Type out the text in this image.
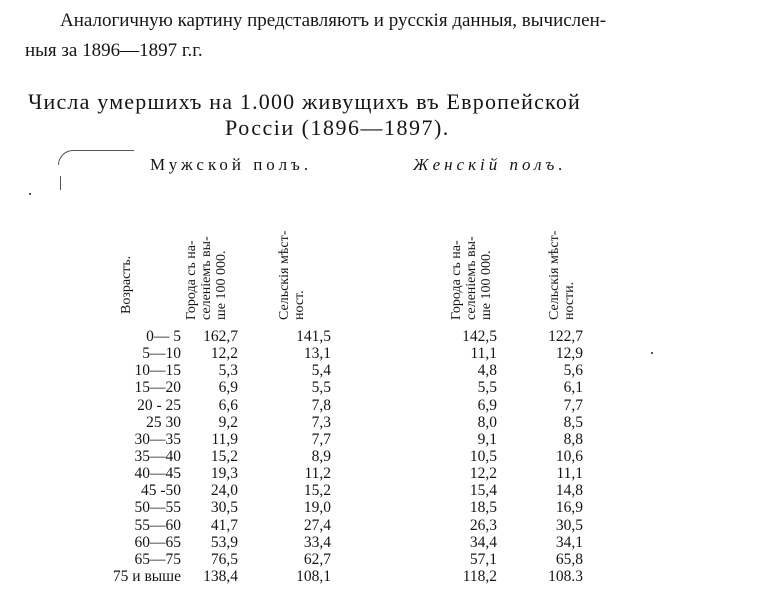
Аналогичную картину представляютъ и русскія данныя, вычислен-
ныя за 1896—1897 г.г.
Числа умершихъ на 1.000 живущихъ въ Европейской
Россіи (1896—1897).
Мужской полъ.	Женскій полъ.
Возрастъ.	Города съ на- селеніемъ вы- ше 100 000.	Сельскія мѣст- ност.	Города съ на- селеніемъ вы- ше 100 000.	Сельскія мѣст- ности.
0— 5	162,7	141,5	142,5	122,7
5—10	12,2	13,1	11,1	12,9
10—15	5,3	5,4	4,8	5,6
15—20	6,9	5,5	5,5	6,1
20 - 25	6,6	7,8	6,9	7,7
25 30	9,2	7,3	8,0	8,5
30—35	11,9	7,7	9,1	8,8
35—40	15,2	8,9	10,5	10,6
40—45	19,3	11,2	12,2	11,1
45 -50	24,0	15,2	15,4	14,8
50—55	30,5	19,0	18,5	16,9
55—60	41,7	27,4	26,3	30,5
60—65	53,9	33,4	34,4	34,1
65—75	76,5	62,7	57,1	65,8
75 и выше	138,4	108,1	118,2	108.3
